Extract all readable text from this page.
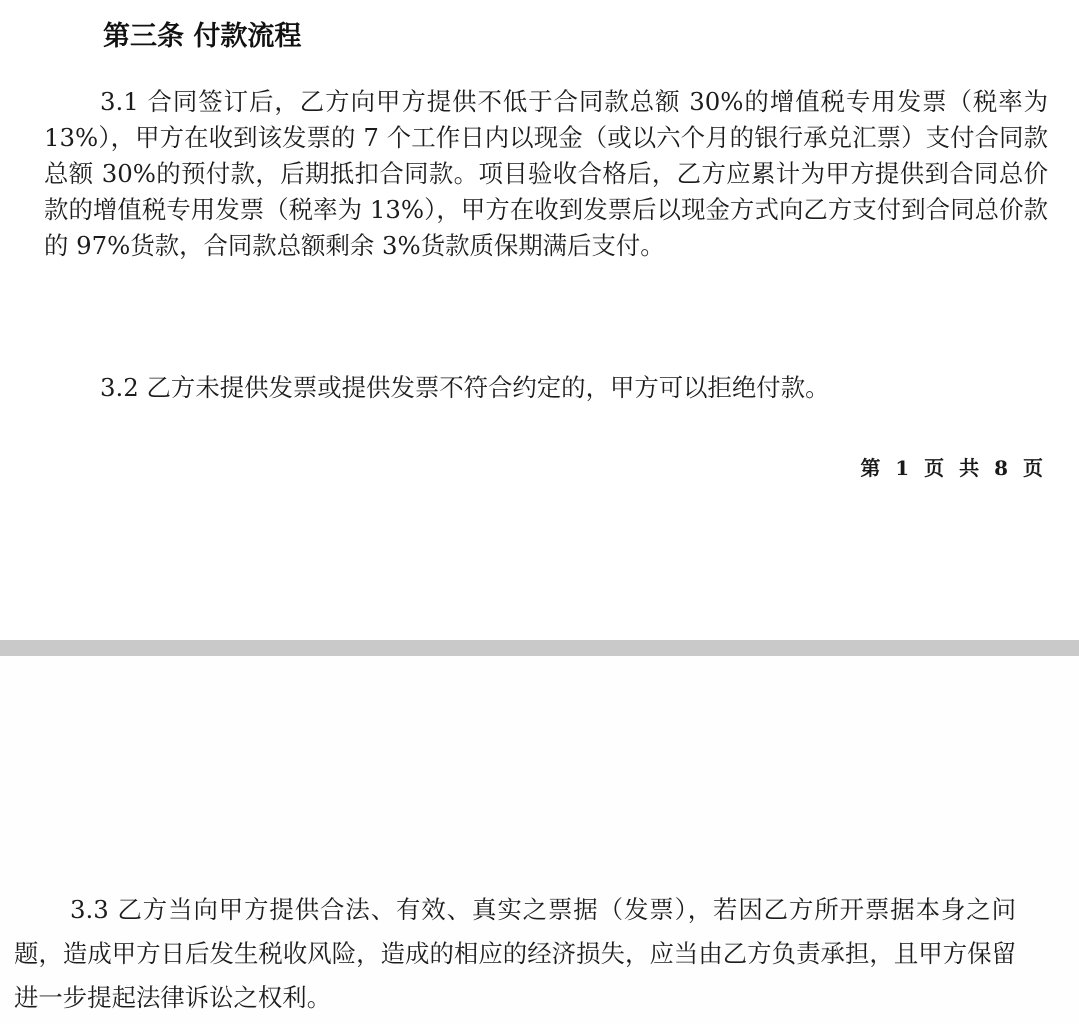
第三条 付款流程

3.1 合同签订后，乙方向甲方提供不低于合同款总额 30%的增值税专用发票（税率为 13%），甲方在收到该发票的 7 个工作日内以现金（或以六个月的银行承兑汇票）支付合同款总额 30%的预付款，后期抵扣合同款。项目验收合格后，乙方应累计为甲方提供到合同总价款的增值税专用发票（税率为 13%），甲方在收到发票后以现金方式向乙方支付到合同总价款的 97%货款，合同款总额剩余 3%货款质保期满后支付。

3.2 乙方未提供发票或提供发票不符合约定的，甲方可以拒绝付款。

第 1 页 共 8 页

3.3 乙方当向甲方提供合法、有效、真实之票据（发票），若因乙方所开票据本身之问题，造成甲方日后发生税收风险，造成的相应的经济损失，应当由乙方负责承担，且甲方保留进一步提起法律诉讼之权利。
